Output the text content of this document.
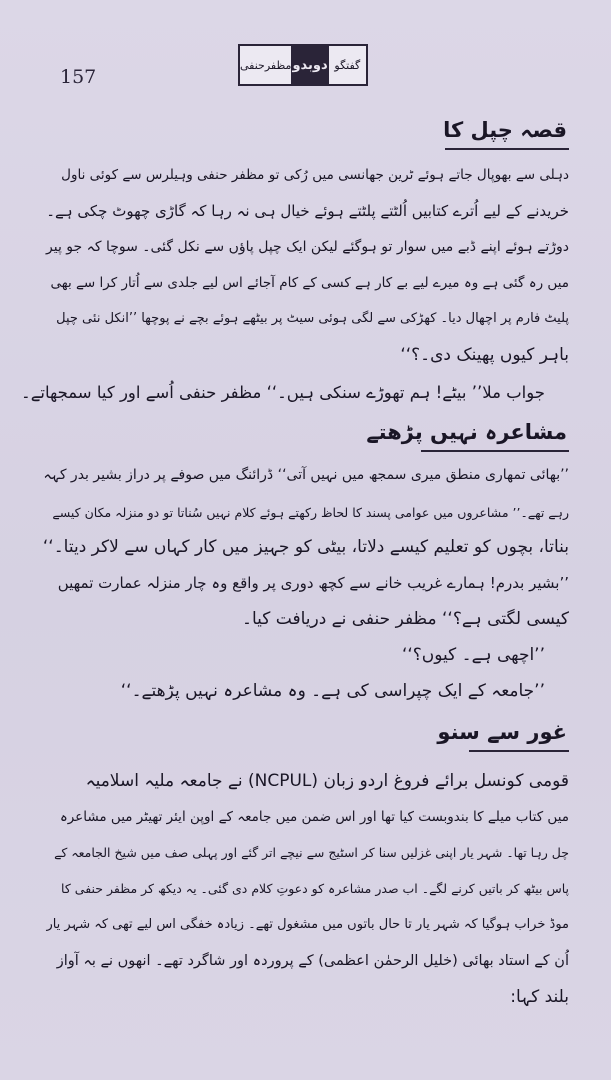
157
مظفرحنفی دوبدو گفتگو
قصہ چپل کا
دہلی سے بھوپال جاتے ہوئے ٹرین جھانسی میں رُکی تو مظفر حنفی وہیلرس سے کوئی ناول
خریدنے کے لیے اُترے کتابیں اُلٹتے پلٹتے ہوئے خیال ہی نہ رہا کہ گاڑی چھوٹ چکی ہے۔
دوڑتے ہوئے اپنے ڈبے میں سوار تو ہوگئے لیکن ایک چپل پاؤں سے نکل گئی۔ سوچا کہ جو پیر
میں رہ گئی ہے وہ میرے لیے بے کار ہے کسی کے کام آجائے اس لیے جلدی سے اُتار کرا سے بھی
پلیٹ فارم پر اچھال دیا۔ کھڑکی سے لگی ہوئی سیٹ پر بیٹھے ہوئے بچے نے پوچھا ’’انکل نئی چپل
باہر کیوں پھینک دی۔؟‘‘
جواب ملا’’ بیٹے! ہم تھوڑے سنکی ہیں۔‘‘ مظفر حنفی اُسے اور کیا سمجھاتے۔
مشاعرہ نہیں پڑھتے
’’بھائی تمھاری منطق میری سمجھ میں نہیں آتی‘‘ ڈرائنگ میں صوفے پر دراز بشیر بدر کہہ
رہے تھے۔’’ مشاعروں میں عوامی پسند کا لحاظ رکھتے ہوئے کلام نہیں سُناتا تو دو منزلہ مکان کیسے
بناتا، بچوں کو تعلیم کیسے دلاتا، بیٹی کو جہیز میں کار کہاں سے لاکر دیتا۔‘‘
’’بشیر بدرم! ہمارے غریب خانے سے کچھ دوری پر واقع وہ چار منزلہ عمارت تمھیں
کیسی لگتی ہے؟‘‘ مظفر حنفی نے دریافت کیا۔
’’اچھی ہے۔ کیوں؟‘‘
’’جامعہ کے ایک چپراسی کی ہے۔ وہ مشاعرہ نہیں پڑھتے۔‘‘
غور سے سنو
قومی کونسل برائے فروغ اردو زبان (NCPUL) نے جامعہ ملیہ اسلامیہ
میں کتاب میلے کا بندوبست کیا تھا اور اس ضمن میں جامعہ کے اوپن ایئر تھیٹر میں مشاعرہ
چل رہا تھا۔ شہر یار اپنی غزلیں سنا کر اسٹیج سے نیچے اتر گئے اور پہلی صف میں شیخ الجامعہ کے
پاس بیٹھ کر باتیں کرنے لگے۔ اب صدر مشاعرہ کو دعوتِ کلام دی گئی۔ یہ دیکھ کر مظفر حنفی کا
موڈ خراب ہوگیا کہ شہر یار تا حال باتوں میں مشغول تھے۔ زیادہ خفگی اس لیے تھی کہ شہر یار
اُن کے استاد بھائی (خلیل الرحمٰن اعظمی) کے پروردہ اور شاگرد تھے۔ انھوں نے بہ آواز
بلند کہا:
